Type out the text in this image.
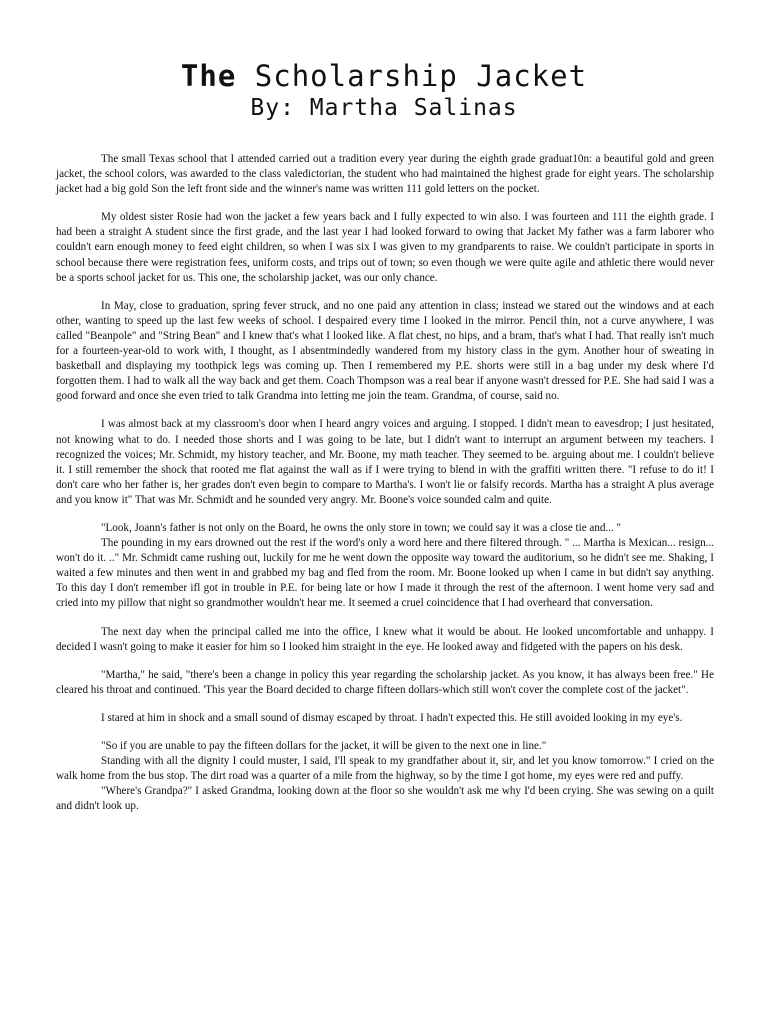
The Scholarship Jacket
By: Martha Salinas

The small Texas school that I attended carried out a tradition every year during the eighth grade graduat10n: a beautiful gold and green jacket, the school colors, was awarded to the class valedictorian, the student who had maintained the highest grade for eight years. The scholarship jacket had a big gold Son the left front side and the winner's name was written 111 gold letters on the pocket.

My oldest sister Rosie had won the jacket a few years back and I fully expected to win also. I was fourteen and 111 the eighth grade. I had been a straight A student since the first grade, and the last year I had looked forward to owing that Jacket My father was a farm laborer who couldn't earn enough money to feed eight children, so when I was six I was given to my grandparents to raise. We couldn't participate in sports in school because there were registration fees, uniform costs, and trips out of town; so even though we were quite agile and athletic there would never be a sports school jacket for us. This one, the scholarship jacket, was our only chance.

In May, close to graduation, spring fever struck, and no one paid any attention in class; instead we stared out the windows and at each other, wanting to speed up the last few weeks of school. I despaired every time I looked in the mirror. Pencil thin, not a curve anywhere, I was called "Beanpole" and "String Bean" and I knew that's what I looked like. A flat chest, no hips, and a bram, that's what I had. That really isn't much for a fourteen-year-old to work with, I thought, as I absentmindedly wandered from my history class in the gym. Another hour of sweating in basketball and displaying my toothpick legs was coming up. Then I remembered my P.E. shorts were still in a bag under my desk where I'd forgotten them. I had to walk all the way back and get them. Coach Thompson was a real bear if anyone wasn't dressed for P.E. She had said I was a good forward and once she even tried to talk Grandma into letting me join the team. Grandma, of course, said no.

I was almost back at my classroom's door when I heard angry voices and arguing. I stopped. I didn't mean to eavesdrop; I just hesitated, not knowing what to do. I needed those shorts and I was going to be late, but I didn't want to interrupt an argument between my teachers. I recognized the voices; Mr. Schmidt, my history teacher, and Mr. Boone, my math teacher. They seemed to be. arguing about me. I couldn't believe it. I still remember the shock that rooted me flat against the wall as if I were trying to blend in with the graffiti written there. "I refuse to do it! I don't care who her father is, her grades don't even begin to compare to Martha's. I won't lie or falsify records. Martha has a straight A plus average and you know it" That was Mr. Schmidt and he sounded very angry. Mr. Boone's voice sounded calm and quite.

"Look, Joann's father is not only on the Board, he owns the only store in town; we could say it was a close tie and... "

The pounding in my ears drowned out the rest if the word's only a word here and there filtered through. " ... Martha is Mexican... resign... won't do it. .." Mr. Schmidt came rushing out, luckily for me he went down the opposite way toward the auditorium, so he didn't see me. Shaking, I waited a few minutes and then went in and grabbed my bag and fled from the room. Mr. Boone looked up when I came in but didn't say anything. To this day I don't remember ifl got in trouble in P.E. for being late or how I made it through the rest of the afternoon. I went home very sad and cried into my pillow that night so grandmother wouldn't hear me. It seemed a cruel coincidence that I had overheard that conversation.

The next day when the principal called me into the office, I knew what it would be about. He looked uncomfortable and unhappy. I decided I wasn't going to make it easier for him so I looked him straight in the eye. He looked away and fidgeted with the papers on his desk.

"Martha," he said, "there's been a change in policy this year regarding the scholarship jacket. As you know, it has always been free." He cleared his throat and continued. 'This year the Board decided to charge fifteen dollars-which still won't cover the complete cost of the jacket".

I stared at him in shock and a small sound of dismay escaped by throat. I hadn't expected this. He still avoided looking in my eye's.

"So if you are unable to pay the fifteen dollars for the jacket, it will be given to the next one in line."

Standing with all the dignity I could muster, I said, I'll speak to my grandfather about it, sir, and let you know tomorrow." I cried on the walk home from the bus stop. The dirt road was a quarter of a mile from the highway, so by the time I got home, my eyes were red and puffy.

"Where's Grandpa?" I asked Grandma, looking down at the floor so she wouldn't ask me why I'd been crying. She was sewing on a quilt and didn't look up.
